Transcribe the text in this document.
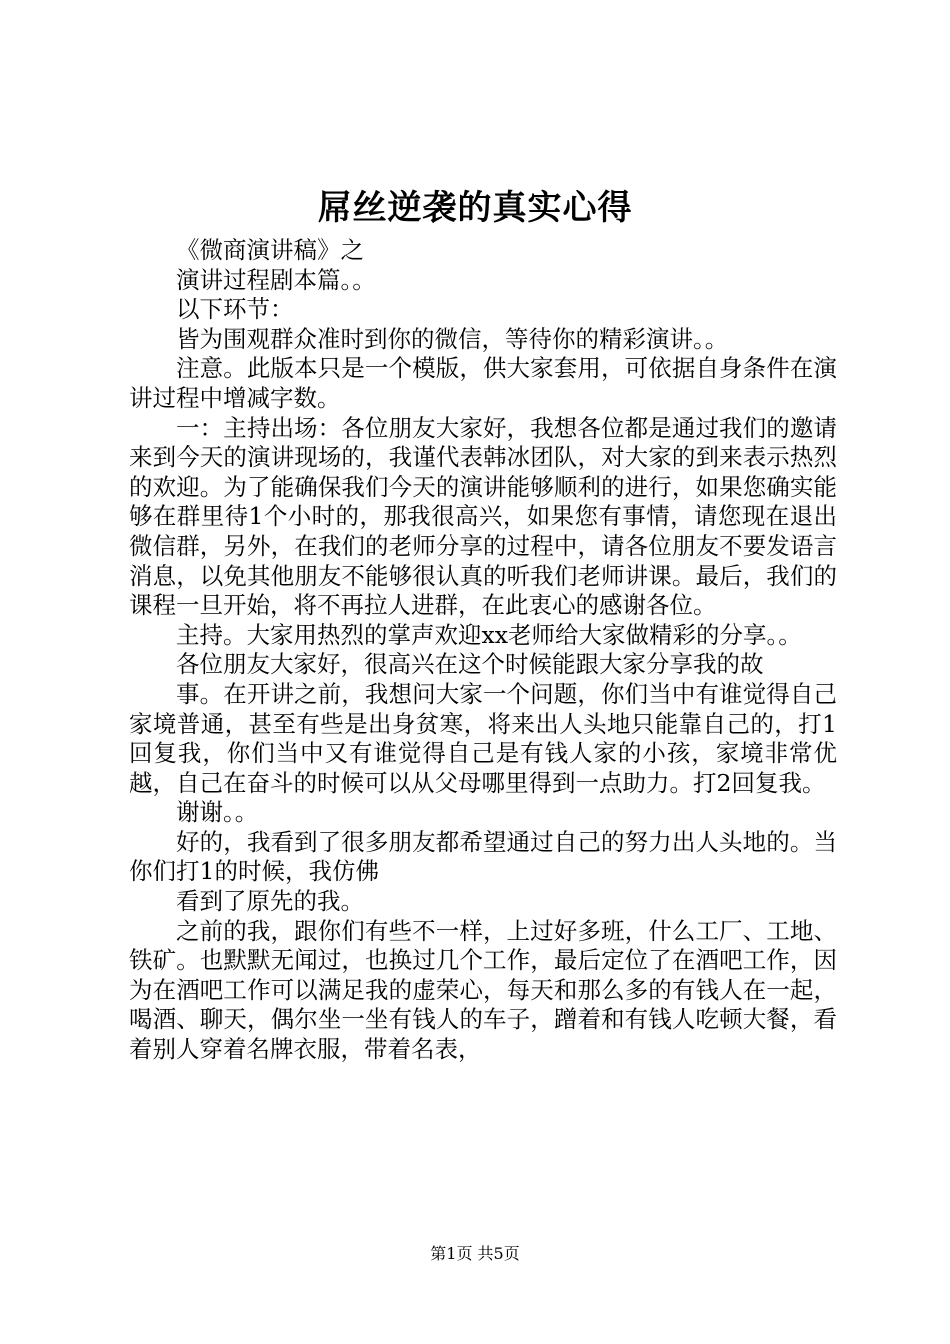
屌丝逆袭的真实心得

《微商演讲稿》之

演讲过程剧本篇。。

以下环节：

皆为围观群众准时到你的微信，等待你的精彩演讲。。

注意。此版本只是一个模版，供大家套用，可依据自身条件在演讲过程中增减字数。

一：主持出场：各位朋友大家好，我想各位都是通过我们的邀请来到今天的演讲现场的，我谨代表韩冰团队，对大家的到来表示热烈的欢迎。为了能确保我们今天的演讲能够顺利的进行，如果您确实能够在群里待1个小时的，那我很高兴，如果您有事情，请您现在退出微信群，另外，在我们的老师分享的过程中，请各位朋友不要发语言消息，以免其他朋友不能够很认真的听我们老师讲课。最后，我们的课程一旦开始，将不再拉人进群，在此衷心的感谢各位。

主持。大家用热烈的掌声欢迎xx老师给大家做精彩的分享。。

各位朋友大家好，很高兴在这个时候能跟大家分享我的故

事。在开讲之前，我想问大家一个问题，你们当中有谁觉得自己家境普通，甚至有些是出身贫寒，将来出人头地只能靠自己的，打1回复我，你们当中又有谁觉得自己是有钱人家的小孩，家境非常优越，自己在奋斗的时候可以从父母哪里得到一点助力。打2回复我。

谢谢。。

好的，我看到了很多朋友都希望通过自己的努力出人头地的。当你们打1的时候，我仿佛

看到了原先的我。

之前的我，跟你们有些不一样，上过好多班，什么工厂、工地、铁矿。也默默无闻过，也换过几个工作，最后定位了在酒吧工作，因为在酒吧工作可以满足我的虚荣心，每天和那么多的有钱人在一起，喝酒、聊天，偶尔坐一坐有钱人的车子，蹭着和有钱人吃顿大餐，看着别人穿着名牌衣服，带着名表，

第1页 共5页
